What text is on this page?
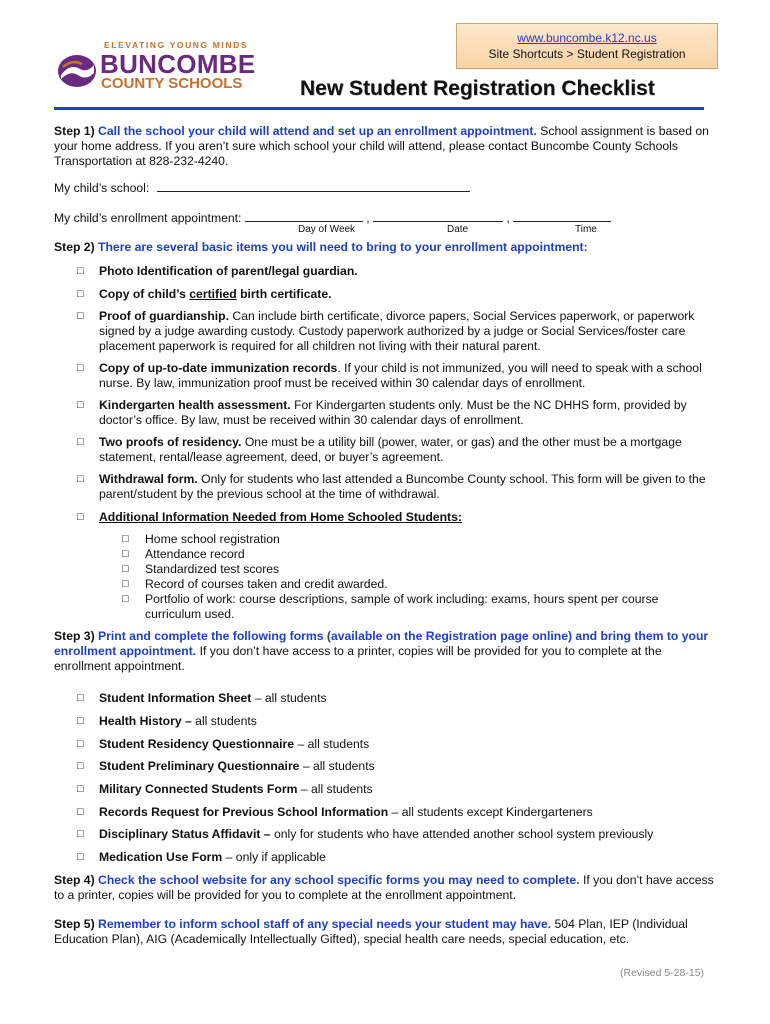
ELEVATING YOUNG MINDS
BUNCOMBE
COUNTY SCHOOLS
www.buncombe.k12.nc.us
Site Shortcuts > Student Registration
New Student Registration Checklist
Step 1) Call the school your child will attend and set up an enrollment appointment. School assignment is based on your home address. If you aren’t sure which school your child will attend, please contact Buncombe County Schools Transportation at 828-232-4240.
My child’s school:
My child’s enrollment appointment:	,	,
Day of Week	Date	Time
Step 2) There are several basic items you will need to bring to your enrollment appointment:
□	Photo Identification of parent/legal guardian.
□	Copy of child’s certified birth certificate.
□	Proof of guardianship. Can include birth certificate, divorce papers, Social Services paperwork, or paperwork signed by a judge awarding custody. Custody paperwork authorized by a judge or Social Services/foster care placement paperwork is required for all children not living with their natural parent.
□	Copy of up-to-date immunization records. If your child is not immunized, you will need to speak with a school nurse. By law, immunization proof must be received within 30 calendar days of enrollment.
□	Kindergarten health assessment. For Kindergarten students only. Must be the NC DHHS form, provided by doctor’s office. By law, must be received within 30 calendar days of enrollment.
□	Two proofs of residency. One must be a utility bill (power, water, or gas) and the other must be a mortgage statement, rental/lease agreement, deed, or buyer’s agreement.
□	Withdrawal form. Only for students who last attended a Buncombe County school. This form will be given to the parent/student by the previous school at the time of withdrawal.
□	Additional Information Needed from Home Schooled Students:
□	Home school registration
□	Attendance record
□	Standardized test scores
□	Record of courses taken and credit awarded.
□	Portfolio of work: course descriptions, sample of work including: exams, hours spent per course curriculum used.
Step 3) Print and complete the following forms (available on the Registration page online) and bring them to your enrollment appointment. If you don’t have access to a printer, copies will be provided for you to complete at the enrollment appointment.
□	Student Information Sheet – all students
□	Health History – all students
□	Student Residency Questionnaire – all students
□	Student Preliminary Questionnaire – all students
□	Military Connected Students Form – all students
□	Records Request for Previous School Information – all students except Kindergarteners
□	Disciplinary Status Affidavit – only for students who have attended another school system previously
□	Medication Use Form – only if applicable
Step 4) Check the school website for any school specific forms you may need to complete. If you don’t have access to a printer, copies will be provided for you to complete at the enrollment appointment.
Step 5) Remember to inform school staff of any special needs your student may have. 504 Plan, IEP (Individual Education Plan), AIG (Academically Intellectually Gifted), special health care needs, special education, etc.
(Revised 5-28-15)
